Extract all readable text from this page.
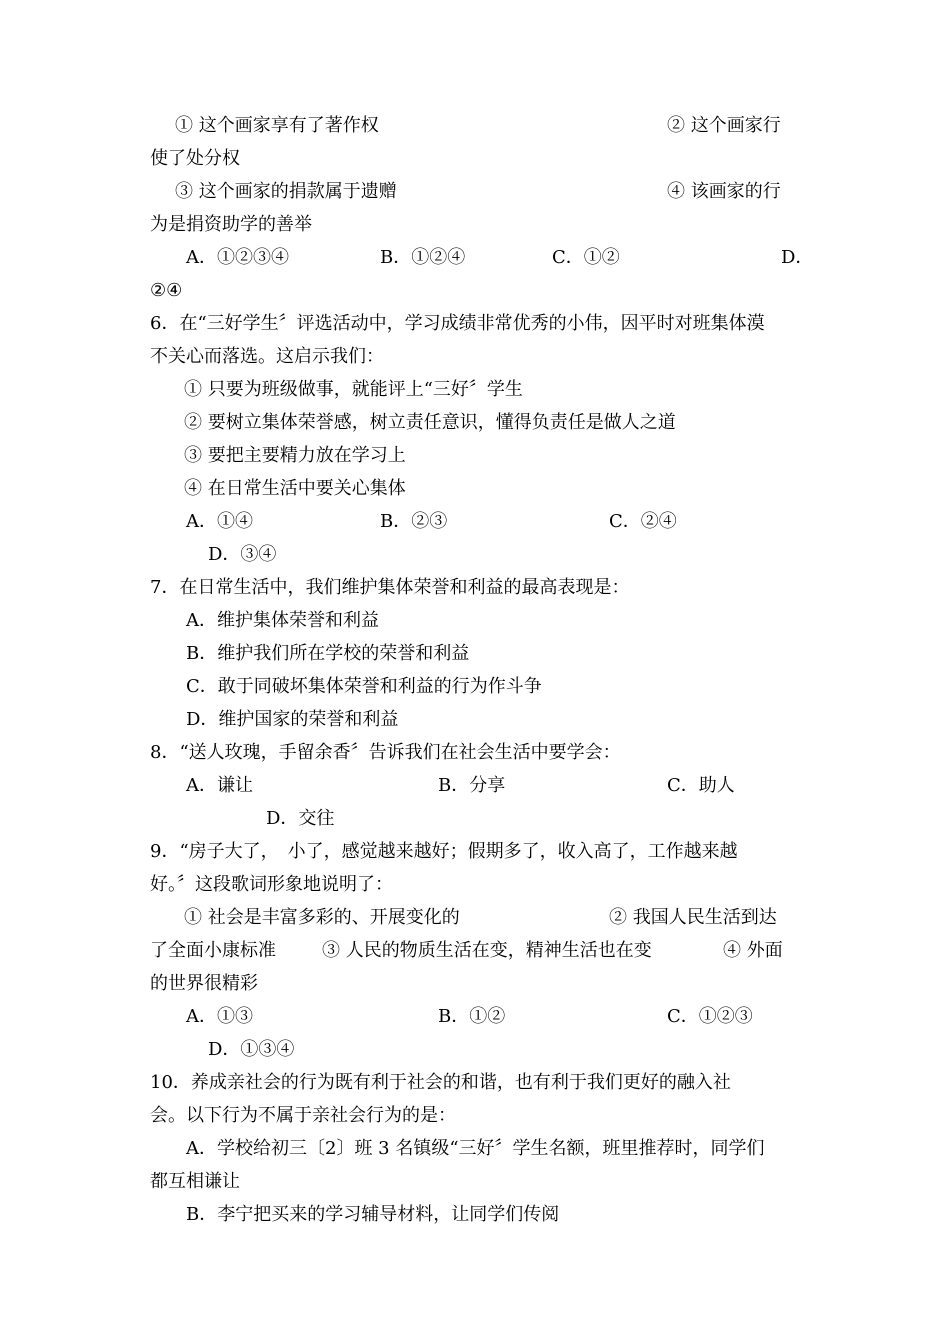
① 这个画家享有了著作权	② 这个画家行
使了处分权
③ 这个画家的捐款属于遗赠	④ 该画家的行
为是捐资助学的善举
A．①②③④	B．①②④	C．①②	D．
②④
6．在“三好学生〞评选活动中，学习成绩非常优秀的小伟，因平时对班集体漠
不关心而落选。这启示我们：
① 只要为班级做事，就能评上“三好〞学生
② 要树立集体荣誉感，树立责任意识，懂得负责任是做人之道
③ 要把主要精力放在学习上
④ 在日常生活中要关心集体
A．①④	B．②③	C．②④
D．③④
7．在日常生活中，我们维护集体荣誉和利益的最高表现是：
A．维护集体荣誉和利益
B．维护我们所在学校的荣誉和利益
C．敢于同破坏集体荣誉和利益的行为作斗争
D．维护国家的荣誉和利益
8．“送人玫瑰，手留余香〞告诉我们在社会生活中要学会：
A．谦让	B．分享	C．助人
D．交往
9．“房子大了，　小了，感觉越来越好；假期多了，收入高了，工作越来越
好。〞这段歌词形象地说明了：
① 社会是丰富多彩的、开展变化的	② 我国人民生活到达
了全面小康标准	③ 人民的物质生活在变，精神生活也在变	④ 外面
的世界很精彩
A．①③	B．①②	C．①②③
D．①③④
10．养成亲社会的行为既有利于社会的和谐，也有利于我们更好的融入社
会。以下行为不属于亲社会行为的是：
A．学校给初三〔2〕班 3 名镇级“三好〞学生名额，班里推荐时，同学们
都互相谦让
B．李宁把买来的学习辅导材料，让同学们传阅
